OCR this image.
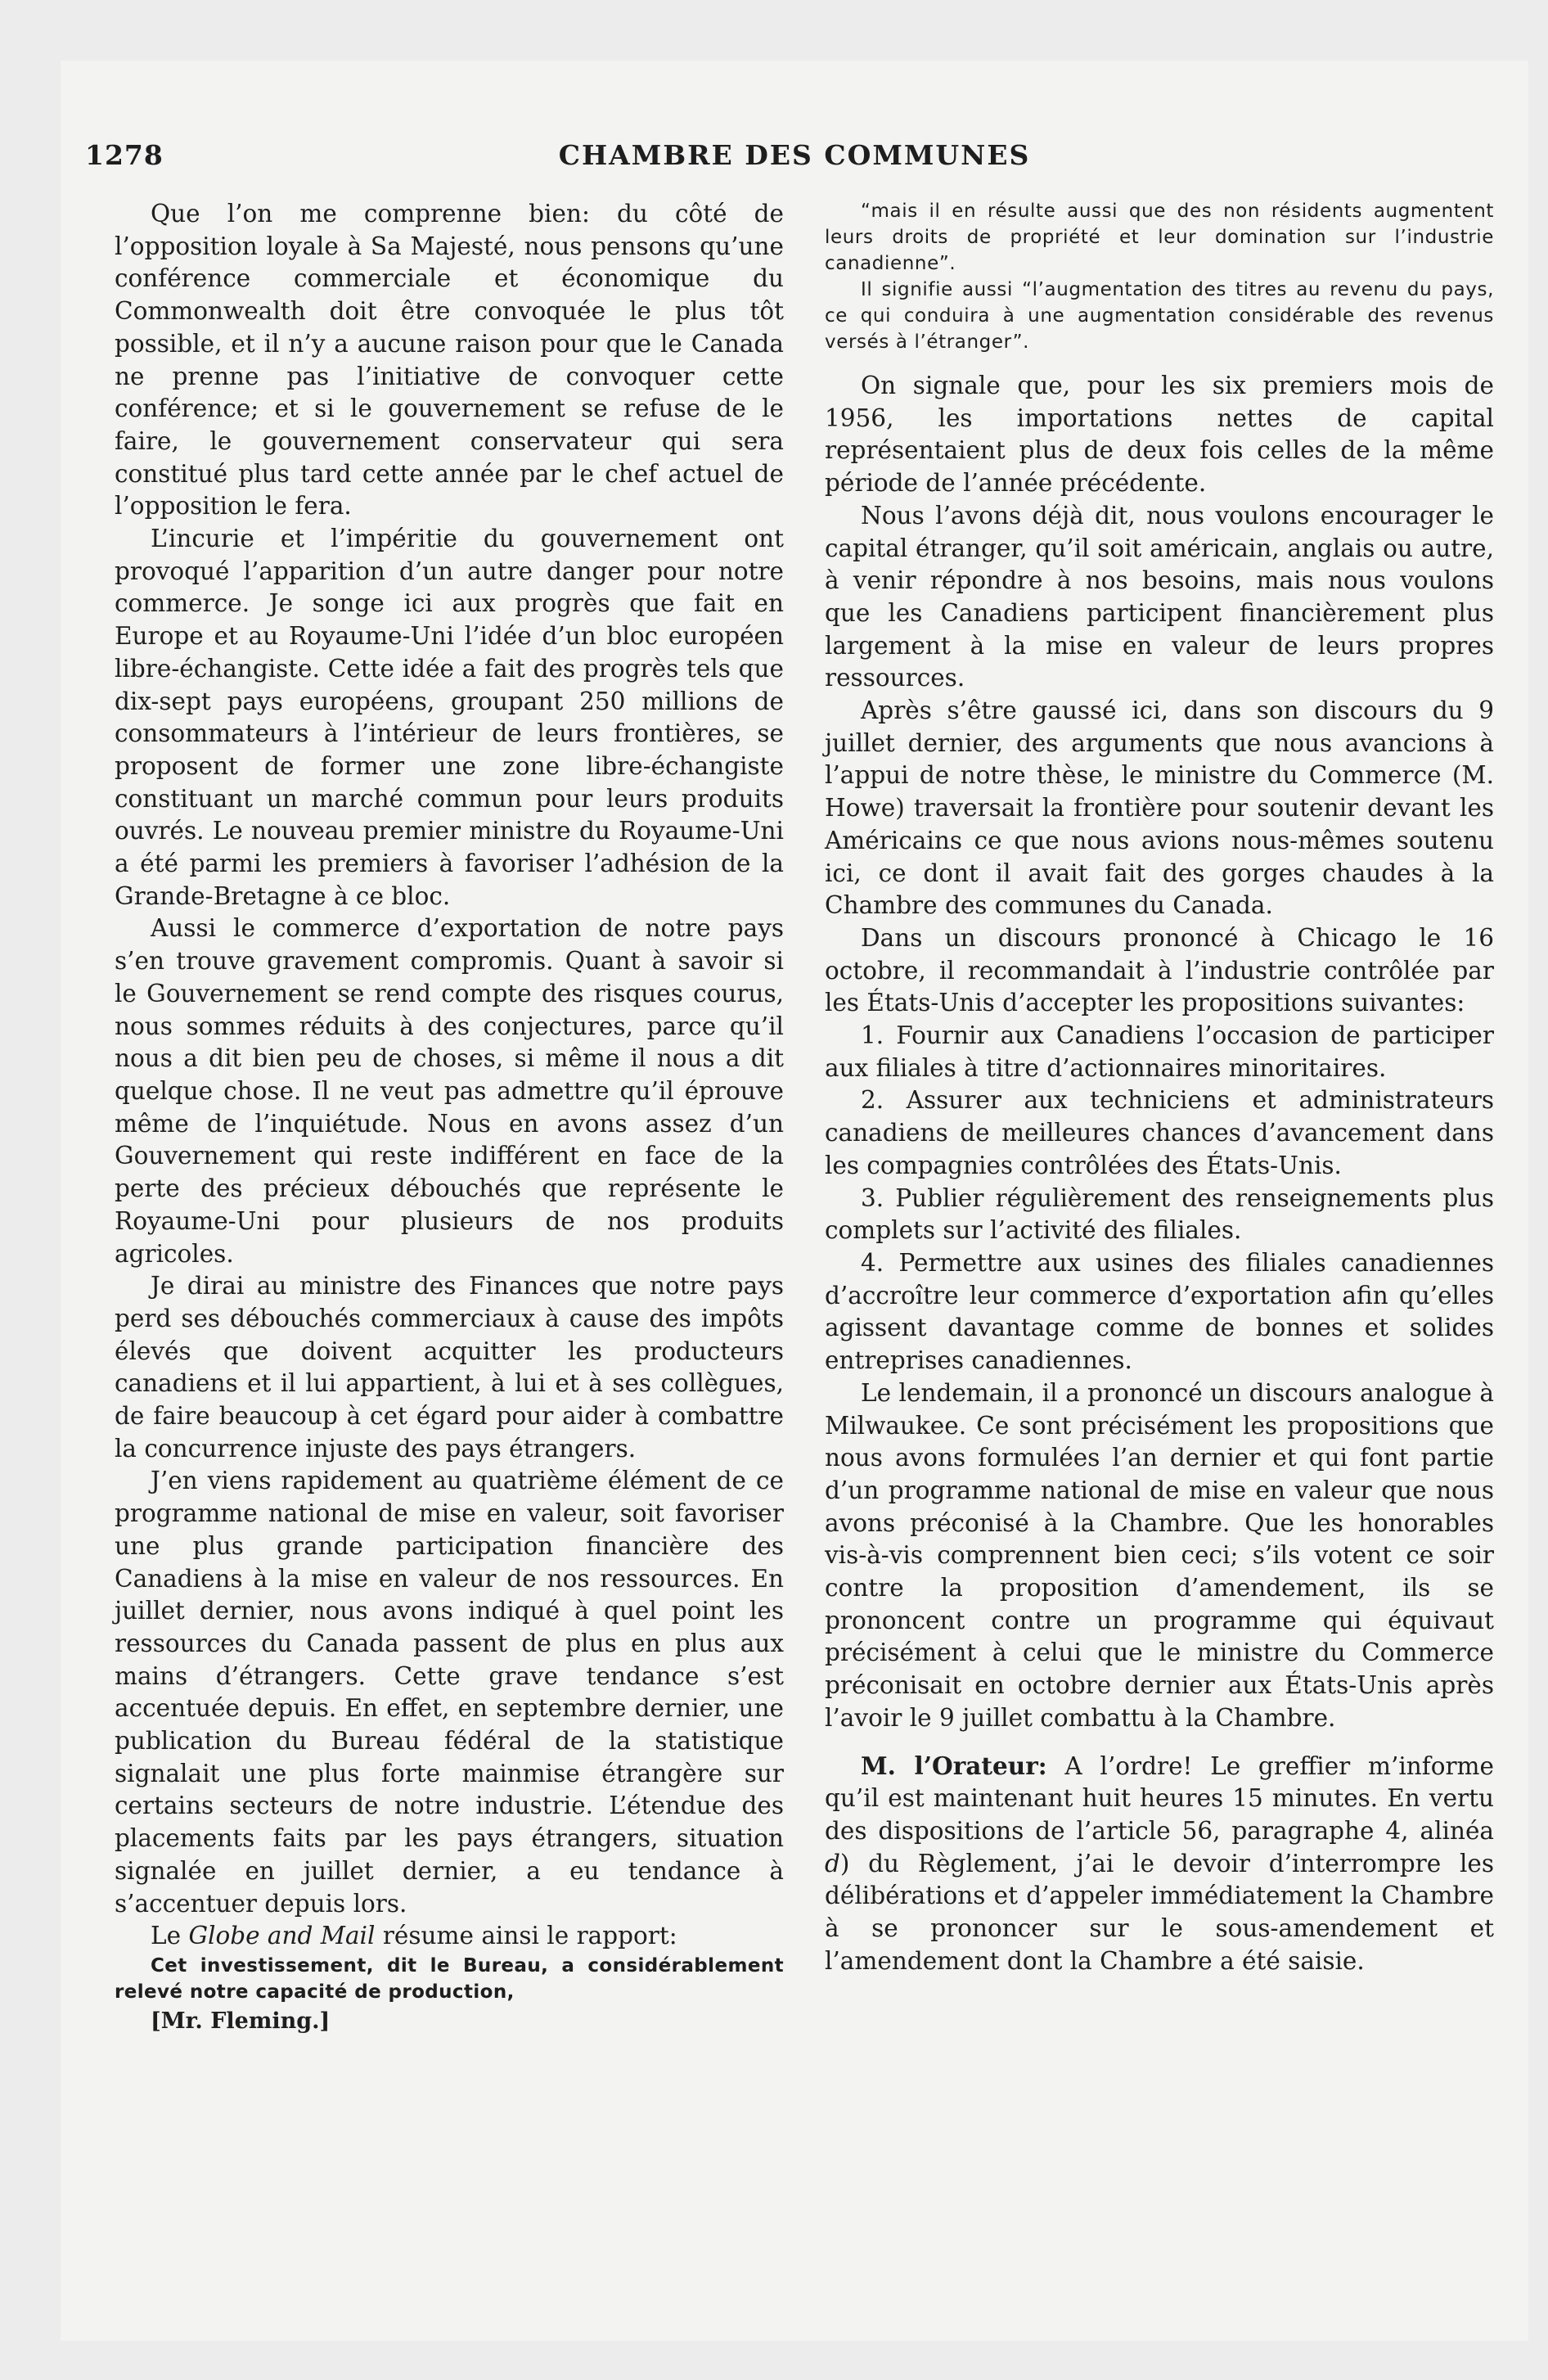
1278	CHAMBRE DES COMMUNES

Que l’on me comprenne bien: du côté de l’opposition loyale à Sa Majesté, nous pensons qu’une conférence commerciale et économique du Commonwealth doit être convoquée le plus tôt possible, et il n’y a aucune raison pour que le Canada ne prenne pas l’initiative de convoquer cette conférence; et si le gouvernement se refuse de le faire, le gouvernement conservateur qui sera constitué plus tard cette année par le chef actuel de l’opposition le fera.

L’incurie et l’impéritie du gouvernement ont provoqué l’apparition d’un autre danger pour notre commerce. Je songe ici aux progrès que fait en Europe et au Royaume-Uni l’idée d’un bloc européen libre-échangiste. Cette idée a fait des progrès tels que dix-sept pays européens, groupant 250 millions de consommateurs à l’intérieur de leurs frontières, se proposent de former une zone libre-échangiste constituant un marché commun pour leurs produits ouvrés. Le nouveau premier ministre du Royaume-Uni a été parmi les premiers à favoriser l’adhésion de la Grande-Bretagne à ce bloc.

Aussi le commerce d’exportation de notre pays s’en trouve gravement compromis. Quant à savoir si le Gouvernement se rend compte des risques courus, nous sommes réduits à des conjectures, parce qu’il nous a dit bien peu de choses, si même il nous a dit quelque chose. Il ne veut pas admettre qu’il éprouve même de l’inquiétude. Nous en avons assez d’un Gouvernement qui reste indifférent en face de la perte des précieux débouchés que représente le Royaume-Uni pour plusieurs de nos produits agricoles.

Je dirai au ministre des Finances que notre pays perd ses débouchés commerciaux à cause des impôts élevés que doivent acquitter les producteurs canadiens et il lui appartient, à lui et à ses collègues, de faire beaucoup à cet égard pour aider à combattre la concurrence injuste des pays étrangers.

J’en viens rapidement au quatrième élément de ce programme national de mise en valeur, soit favoriser une plus grande participation financière des Canadiens à la mise en valeur de nos ressources. En juillet dernier, nous avons indiqué à quel point les ressources du Canada passent de plus en plus aux mains d’étrangers. Cette grave tendance s’est accentuée depuis. En effet, en septembre dernier, une publication du Bureau fédéral de la statistique signalait une plus forte mainmise étrangère sur certains secteurs de notre industrie. L’étendue des placements faits par les pays étrangers, situation signalée en juillet dernier, a eu tendance à s’accentuer depuis lors.

Le Globe and Mail résume ainsi le rapport:

Cet investissement, dit le Bureau, a considérablement relevé notre capacité de production,

[Mr. Fleming.]

“mais il en résulte aussi que des non résidents augmentent leurs droits de propriété et leur domination sur l’industrie canadienne”.

Il signifie aussi “l’augmentation des titres au revenu du pays, ce qui conduira à une augmentation considérable des revenus versés à l’étranger”.

On signale que, pour les six premiers mois de 1956, les importations nettes de capital représentaient plus de deux fois celles de la même période de l’année précédente.

Nous l’avons déjà dit, nous voulons encourager le capital étranger, qu’il soit américain, anglais ou autre, à venir répondre à nos besoins, mais nous voulons que les Canadiens participent financièrement plus largement à la mise en valeur de leurs propres ressources.

Après s’être gaussé ici, dans son discours du 9 juillet dernier, des arguments que nous avancions à l’appui de notre thèse, le ministre du Commerce (M. Howe) traversait la frontière pour soutenir devant les Américains ce que nous avions nous-mêmes soutenu ici, ce dont il avait fait des gorges chaudes à la Chambre des communes du Canada.

Dans un discours prononcé à Chicago le 16 octobre, il recommandait à l’industrie contrôlée par les États-Unis d’accepter les propositions suivantes:

1. Fournir aux Canadiens l’occasion de participer aux filiales à titre d’actionnaires minoritaires.

2. Assurer aux techniciens et administrateurs canadiens de meilleures chances d’avancement dans les compagnies contrôlées des États-Unis.

3. Publier régulièrement des renseignements plus complets sur l’activité des filiales.

4. Permettre aux usines des filiales canadiennes d’accroître leur commerce d’exportation afin qu’elles agissent davantage comme de bonnes et solides entreprises canadiennes.

Le lendemain, il a prononcé un discours analogue à Milwaukee. Ce sont précisément les propositions que nous avons formulées l’an dernier et qui font partie d’un programme national de mise en valeur que nous avons préconisé à la Chambre. Que les honorables vis-à-vis comprennent bien ceci; s’ils votent ce soir contre la proposition d’amendement, ils se prononcent contre un programme qui équivaut précisément à celui que le ministre du Commerce préconisait en octobre dernier aux États-Unis après l’avoir le 9 juillet combattu à la Chambre.

M. l’Orateur: A l’ordre! Le greffier m’informe qu’il est maintenant huit heures 15 minutes. En vertu des dispositions de l’article 56, paragraphe 4, alinéa d) du Règlement, j’ai le devoir d’interrompre les délibérations et d’appeler immédiatement la Chambre à se prononcer sur le sous-amendement et l’amendement dont la Chambre a été saisie.
